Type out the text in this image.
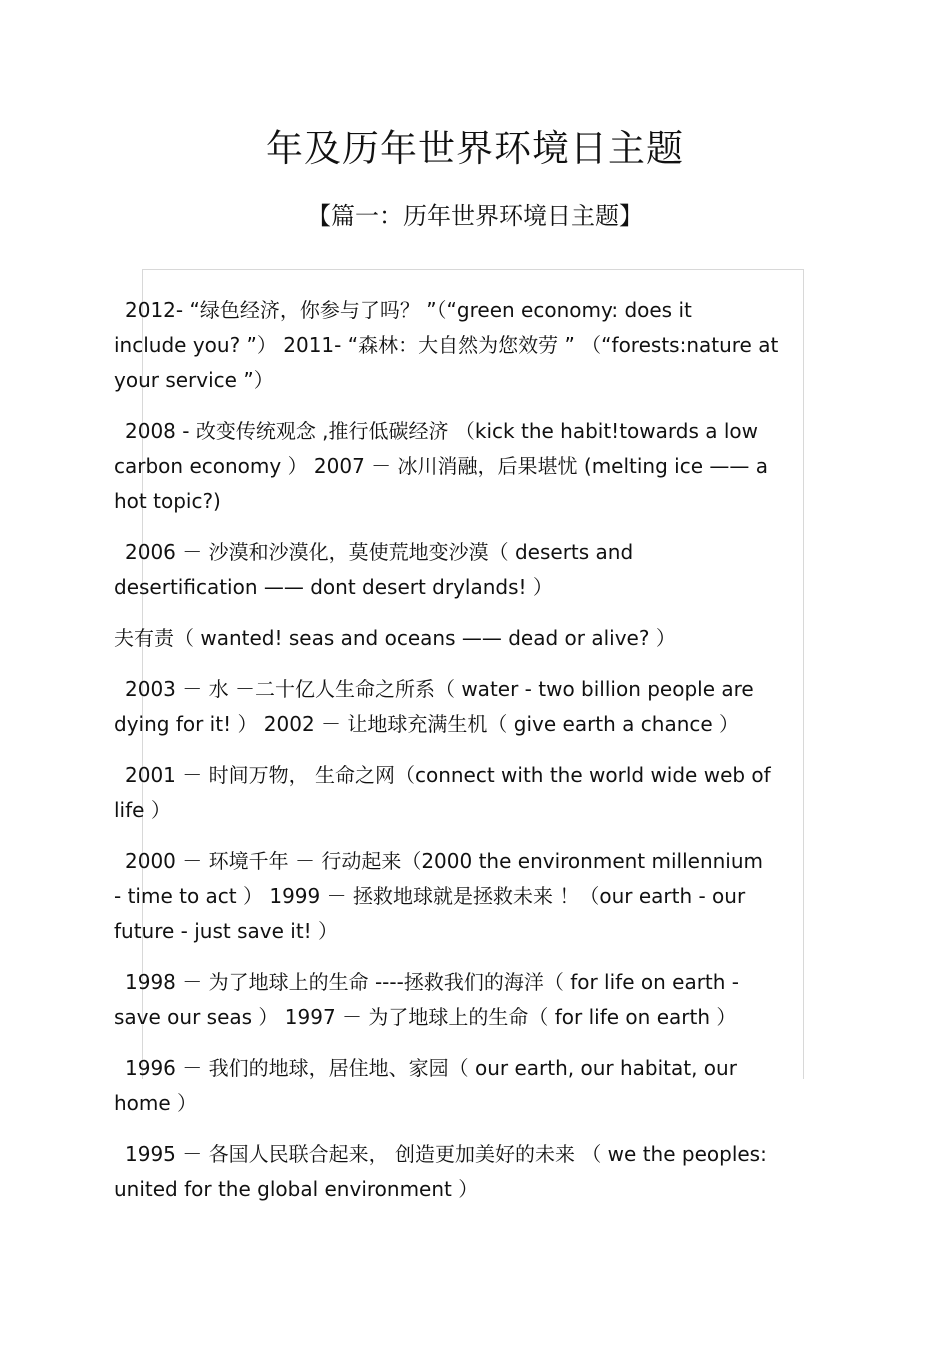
年及历年世界环境日主题
【篇一：历年世界环境日主题】

2012- “绿色经济，你参与了吗？ ”（“green economy: does it
include you? ”） 2011- “森林：大自然为您效劳 ” （“forests:nature at
your service ”）

2008 - 改变传统观念 ,推行低碳经济 （kick the habit!towards a low
carbon economy ） 2007 － 冰川消融，后果堪忧 (melting ice —— a
hot topic?)

2006 － 沙漠和沙漠化，莫使荒地变沙漠（ deserts and
desertification —— dont desert drylands! ）

夫有责（ wanted! seas and oceans —— dead or alive? ）

2003 － 水 －二十亿人生命之所系（ water - two billion people are
dying for it! ） 2002 － 让地球充满生机（ give earth a chance ）

2001 － 时间万物， 生命之网（connect with the world wide web of
life ）

2000 － 环境千年 － 行动起来（2000 the environment millennium
- time to act ） 1999 － 拯救地球就是拯救未来 ！（our earth - our
future - just save it! ）

1998 － 为了地球上的生命 ----拯救我们的海洋（ for life on earth -
save our seas ） 1997 － 为了地球上的生命（ for life on earth ）

1996 － 我们的地球，居住地、家园（ our earth, our habitat, our
home ）

1995 － 各国人民联合起来， 创造更加美好的未来 （ we the peoples:
united for the global environment ）
